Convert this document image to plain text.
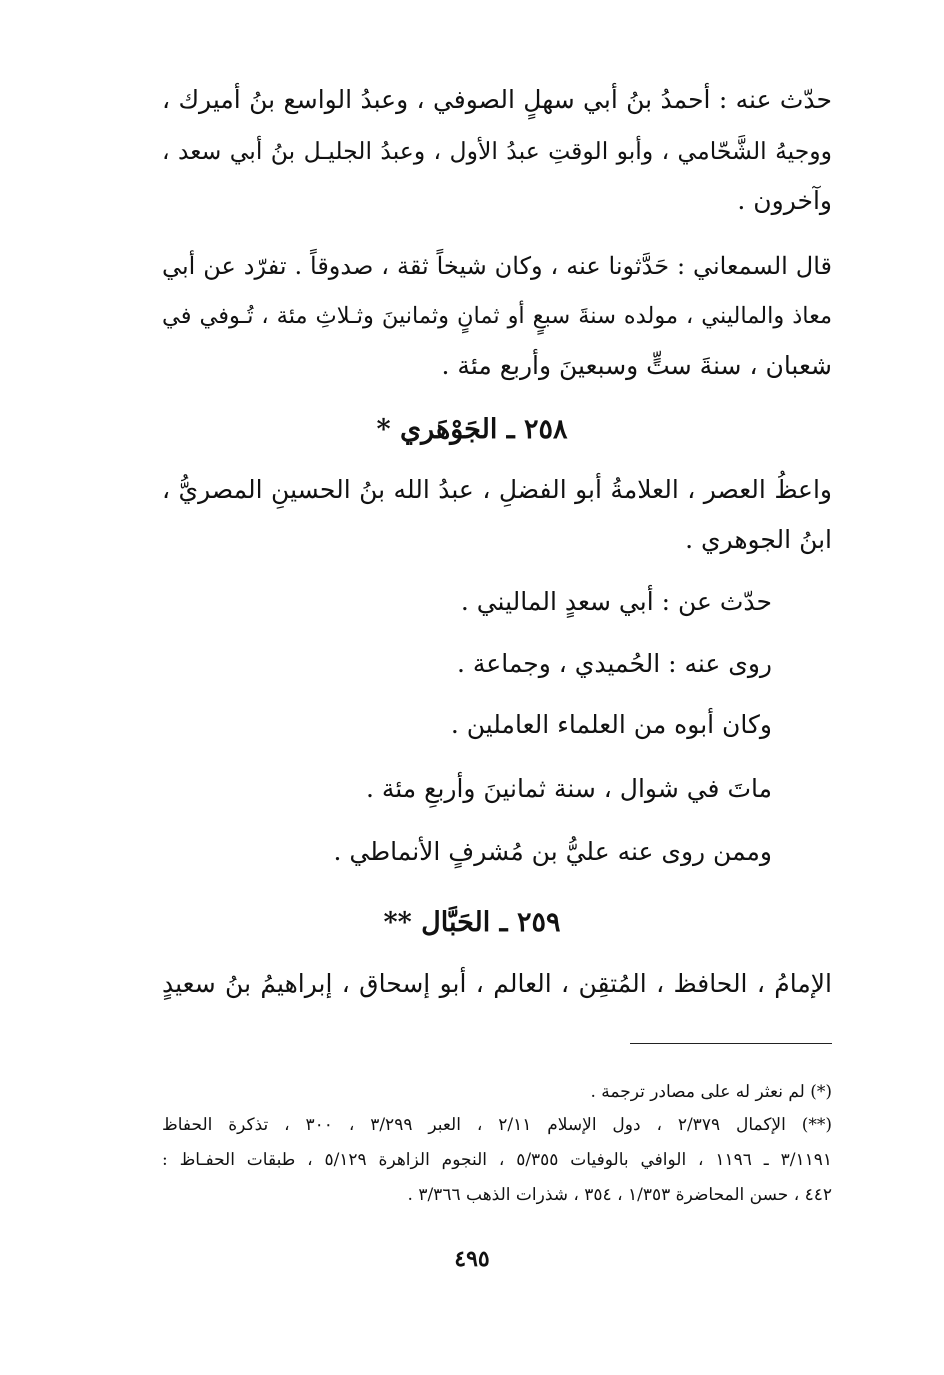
حدّث عنه : أحمدُ بنُ أبي سهلٍ الصوفي ، وعبدُ الواسع بنُ أميرك ،
ووجيهُ الشَّحّامي ، وأبو الوقتِ عبدُ الأول ، وعبدُ الجليـل بنُ أبي سعد ،
وآخرون .
قال السمعاني : حَدَّثونا عنه ، وكان شيخاً ثقة ، صدوقاً . تفرّد عن أبي
معاذ والماليني ، مولده سنةَ سبعٍ أو ثمانٍ وثمانينَ وثـلاثِ مئة ، تُـوفي في
شعبان ، سنةَ ستٍّ وسبعينَ وأربع مئة .
٢٥٨ ـ الجَوْهَري *
واعظُ العصر ، العلامةُ أبو الفضلِ ، عبدُ الله بنُ الحسينِ المصريُّ ،
ابنُ الجوهري .
حدّث عن : أبي سعدٍ الماليني .
روى عنه : الحُميدي ، وجماعة .
وكان أبوه من العلماء العاملين .
ماتَ في شوال ، سنة ثمانينَ وأربعِ مئة .
وممن روى عنه عليُّ بن مُشرفٍ الأنماطي .
٢٥٩ ـ الحَبَّال **
الإمامُ ، الحافظ ، المُتقِن ، العالم ، أبو إسحاق ، إبراهيمُ بنُ سعيدٍ
(*) لم نعثر له على مصادر ترجمة .
(**) الإكمال ٢/٣٧٩ ، دول الإسلام ٢/١١ ، العبر ٣/٢٩٩ ، ٣٠٠ ، تذكرة الحفاظ
٣/١١٩١ ـ ١١٩٦ ، الوافي بالوفيات ٥/٣٥٥ ، النجوم الزاهرة ٥/١٢٩ ، طبقات الحفـاظ :
٤٤٢ ، حسن المحاضرة ١/٣٥٣ ، ٣٥٤ ، شذرات الذهب ٣/٣٦٦ .
٤٩٥
